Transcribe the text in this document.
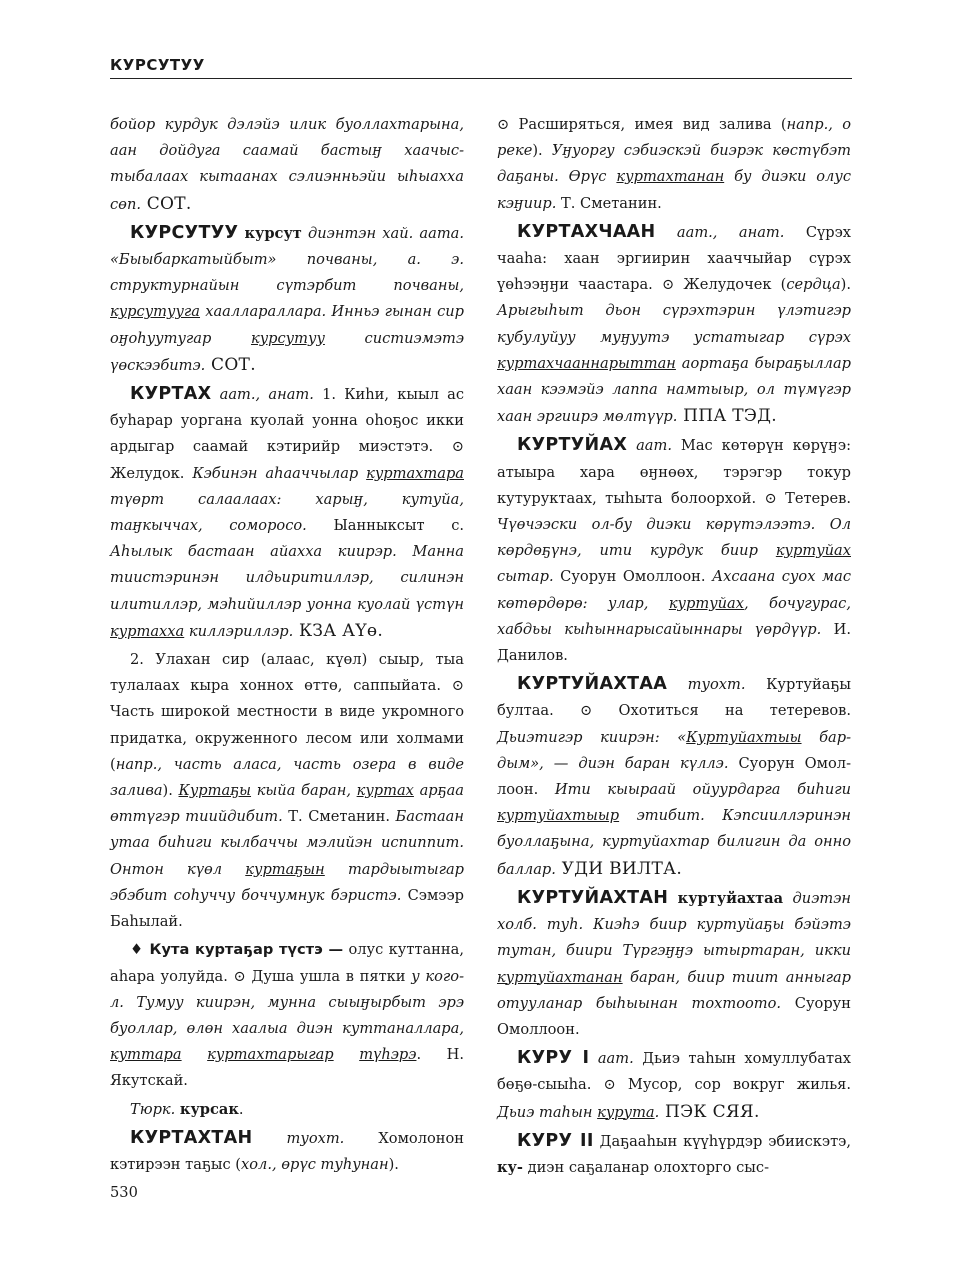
КУРСУТУУ

бойор курдук дэлэйэ илик буоллахтарына, аан дойдуга саамай бастыӈ хаачыстыбалаах кытаанах сэлиэнньэйи ыһыахха сөп. СОТ.

КУРСУТУУ курсут диэнтэн хай. аата. «Быыбаркатыйбыт» почваны, а. э. структурнайын сүтэрбит почваны, курсутууга хааллараллара. Инньэ гынан сир оӈоһуутугар курсутуу систиэмэтэ үөскээбитэ. СОТ.

КУРТАХ аат., анат. 1. Киһи, кыыл ас буһарар уоргана куолай уонна оһоҕос икки ардыгар саамай кэтирийр миэстэтэ. ⊙ Желудок. Кэбинэн аһааччылар куртахтара түөрт салаалаах: харыӈ, кутуйа, таӈкыччах, соморосо. Ыанныксыт с. Аһылык бастаан айахха киирэр. Манна тиистэринэн илдьиритиллэр, силинэн илитиллэр, мэһийиллэр уонна куолай үстүн куртахха киллэриллэр. КЗА АҮө.

2. Улахан сир (алаас, күөл) сыыр, тыа тулалаах кыра хонноx өттө, саппыйата. ⊙ Часть широкой местности в виде укромного придатка, окруженного лесом или холмами (напр., часть аласа, часть озера в виде залива). Куртаҕы кыйа баран, куртах арҕаа өттүгэр тиийдибит. Т. Сметанин. Бастаан утаа биһиги кылбаччы мэлийэн испиппит. Онтон күөл куртаҕын тардыытыгар эбэбит соһуччу боччумнук бэристэ. Сэмээр Баһылай.

♦ Кута куртаҕар түстэ — олус куттанна, аһара уолуйда. ⊙ Душа ушла в пятки у кого-л. Тумуу киирэн, мунна сыыӈырбыт эрэ буоллар, өлөн хаалыа диэн куттаналлара, куттара куртахтарыгар түһэрэ. Н. Якутскай.

Тюрк. курсак.

КУРТАХТАН туохт. Хомолонон кэтирээн таҕыс (хол., өрүс туһунан).

⊙ Расширяться, имея вид залива (напр., о реке). Уӈуоргу сэбиэскэй биэрэк көстүбэт даҕаны. Өрүс куртахтанан бу диэки олус кэӈиир. Т. Сметанин.

КУРТАХЧААН аат., анат. Сүрэх чааһа: хаан эргиирин хааччыйар сүрэх үөһээӈӈи чаастара. ⊙ Желудочек (сердца). Арыгыһыт дьон сүрэхтэрин үлэтигэр кубулуйуу муӈуутэ устатыгар сүрэх куртахчааннарыттан аортаҕа быраҕыллар хаан кээмэйэ лаппа намтыыр, ол түмүгэр хаан эргиирэ мөлтүүр. ППА ТЭД.

КУРТУЙАХ аат. Мас көтөрүн көрүӈэ: атыыра хара өӈнөөх, тэрэгэр токур кутуруктаах, тыһыта болоорхой. ⊙ Тетерев. Чүөчээски ол-бу диэки көрүтэлээтэ. Ол көрдөҕүнэ, ити курдук биир куртуйах сытар. Суорун Омоллоон. Ахсаана суох мас көтөрдөрө: улар, куртуйах, бочугурас, хабдьы кыһыннарысайыннары үөрдүүр. И. Данилов.

КУРТУЙАХТАА туохт. Куртуйаҕы бултаа. ⊙ Охотиться на тетеревов. Дьиэтигэр киирэн: «Куртуйахтыы бардым», — диэн баран күллэ. Суорун Омоллоон. Ити кыыраай ойуурдарга биһиги куртуйахтыыр этибит. Кэпсииллэринэн буоллаҕына, куртуйахтар билигин да онно баллар. УДИ ВИЛТА.

КУРТУЙАХТАН куртуйахтаа диэтэн холб. туһ. Киэһэ биир куртуйаҕы бэйэтэ тутан, биири Түргэӈӈэ ытыртаран, икки куртуйахтанан баран, биир тиит анныгар отууланар быһыынан тохтоото. Суорун Омоллоон.

КУРУ I аат. Дьиэ таһын хомуллубатах бөҕө-сыыһа. ⊙ Мусор, сор вокруг жилья. Дьиэ таһын курута. ПЭК СЯЯ.

КУРУ II Даҕааһын күүһүрдэр эбиискэтэ, ку- диэн саҕаланар олохторго сыс-

530
